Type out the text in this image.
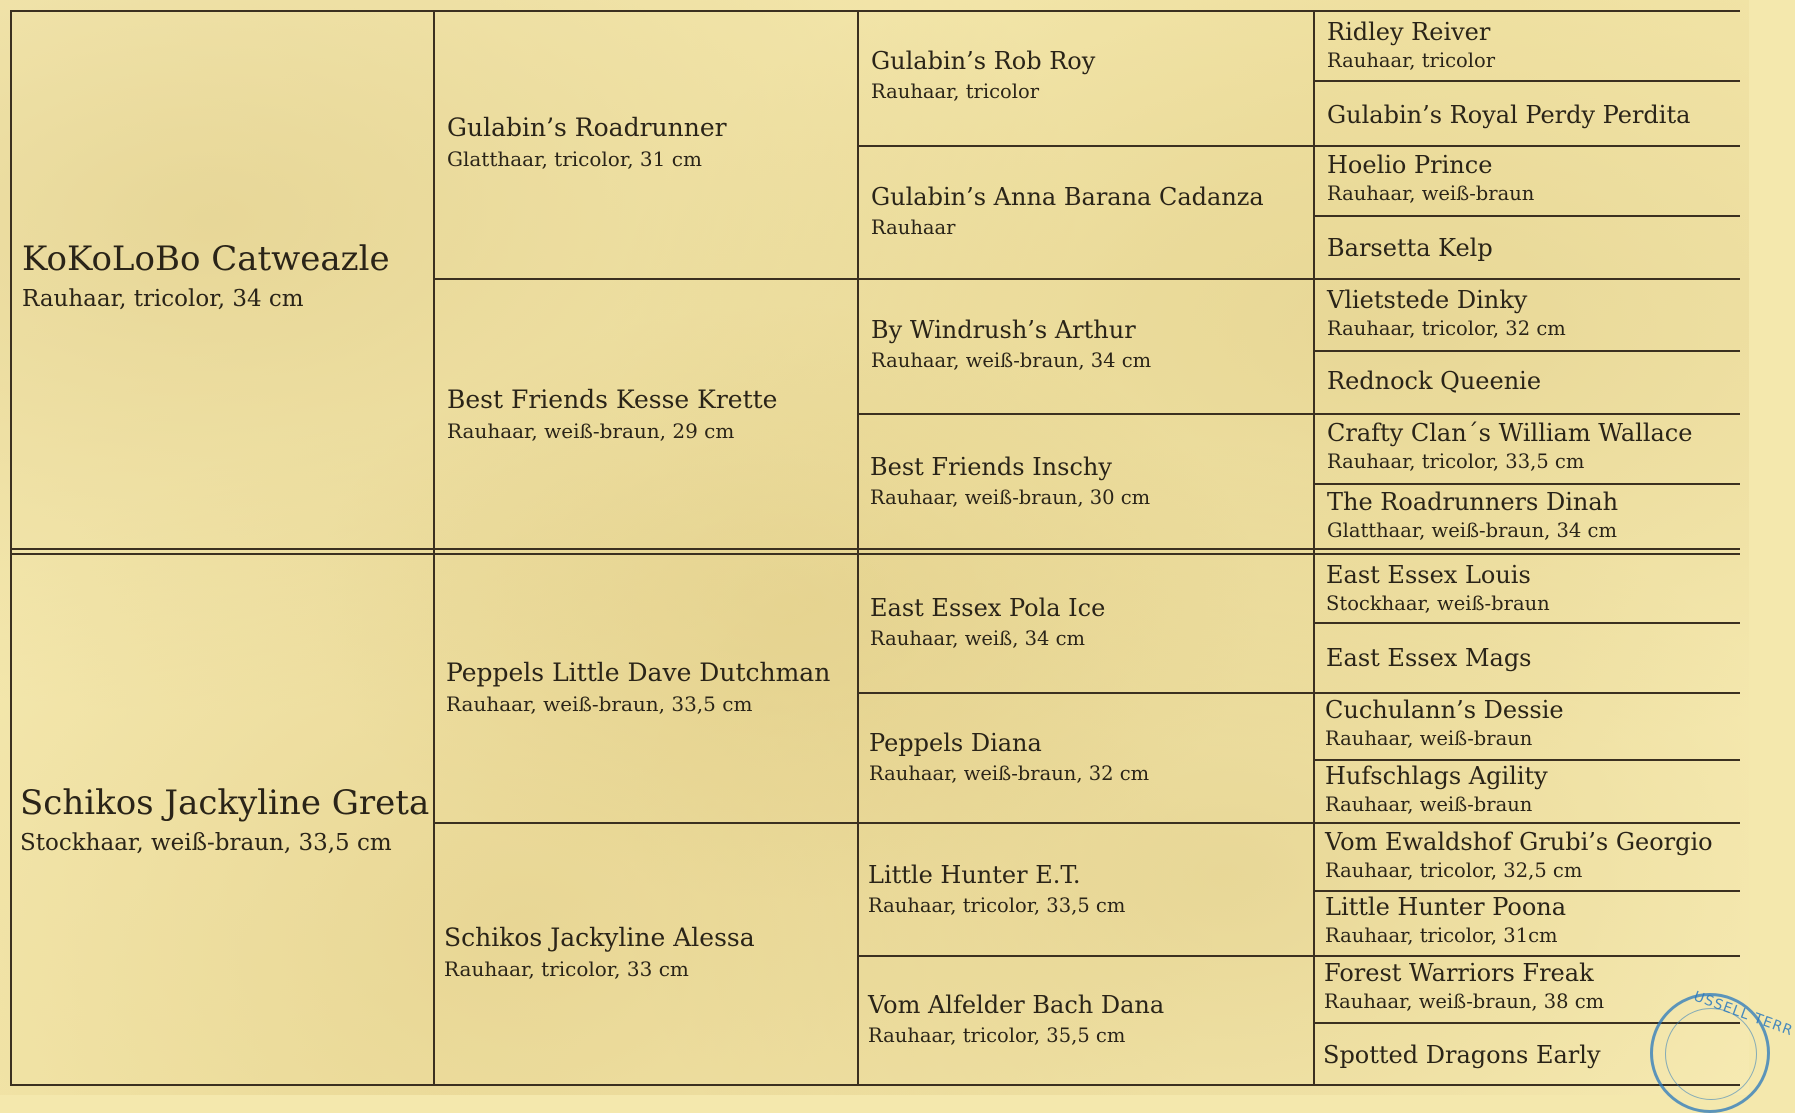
KoKoLoBo Catweazle
Rauhaar, tricolor, 34 cm
Schikos Jackyline Greta
Stockhaar, weiß-braun, 33,5 cm
Gulabin’s Roadrunner
Glatthaar, tricolor, 31 cm
Best Friends Kesse Krette
Rauhaar, weiß-braun, 29 cm
Peppels Little Dave Dutchman
Rauhaar, weiß-braun, 33,5 cm
Schikos Jackyline Alessa
Rauhaar, tricolor, 33 cm
Gulabin’s Rob Roy
Rauhaar, tricolor
Gulabin’s Anna Barana Cadanza
Rauhaar
By Windrush’s Arthur
Rauhaar, weiß-braun, 34 cm
Best Friends Inschy
Rauhaar, weiß-braun, 30 cm
East Essex Pola Ice
Rauhaar, weiß, 34 cm
Peppels Diana
Rauhaar, weiß-braun, 32 cm
Little Hunter E.T.
Rauhaar, tricolor, 33,5 cm
Vom Alfelder Bach Dana
Rauhaar, tricolor, 35,5 cm
Ridley Reiver
Rauhaar, tricolor
Gulabin’s Royal Perdy Perdita
Hoelio Prince
Rauhaar, weiß-braun
Barsetta Kelp
Vlietstede Dinky
Rauhaar, tricolor, 32 cm
Rednock Queenie
Crafty Clan´s William Wallace
Rauhaar, tricolor, 33,5 cm
The Roadrunners Dinah
Glatthaar, weiß-braun, 34 cm
East Essex Louis
Stockhaar, weiß-braun
East Essex Mags
Cuchulann’s Dessie
Rauhaar, weiß-braun
Hufschlags Agility
Rauhaar, weiß-braun
Vom Ewaldshof Grubi’s Georgio
Rauhaar, tricolor, 32,5 cm
Little Hunter Poona
Rauhaar, tricolor, 31cm
Forest Warriors Freak
Rauhaar, weiß-braun, 38 cm
Spotted Dragons Early
USSELL TERR
